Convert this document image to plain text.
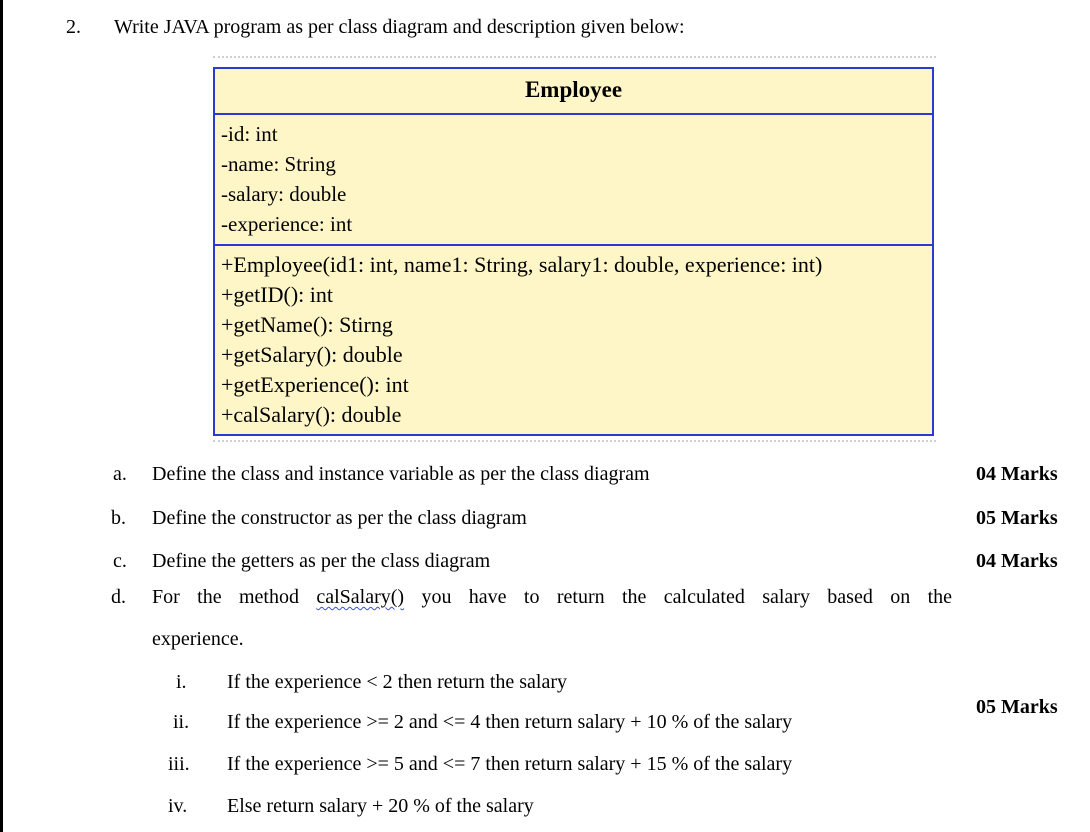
2. Write JAVA program as per class diagram and description given below:
Employee
-id: int
-name: String
-salary: double
-experience: int
+Employee(id1: int, name1: String, salary1: double, experience: int)
+getID(): int
+getName(): Stirng
+getSalary(): double
+getExperience(): int
+calSalary(): double
a. Define the class and instance variable as per the class diagram	04 Marks
b. Define the constructor as per the class diagram	05 Marks
c. Define the getters as per the class diagram	04 Marks
d. For the method calSalary() you have to return the calculated salary based on the
experience.
05 Marks
i. If the experience < 2 then return the salary
ii. If the experience >= 2 and <= 4 then return salary + 10 % of the salary
iii. If the experience >= 5 and <= 7 then return salary + 15 % of the salary
iv. Else return salary + 20 % of the salary
